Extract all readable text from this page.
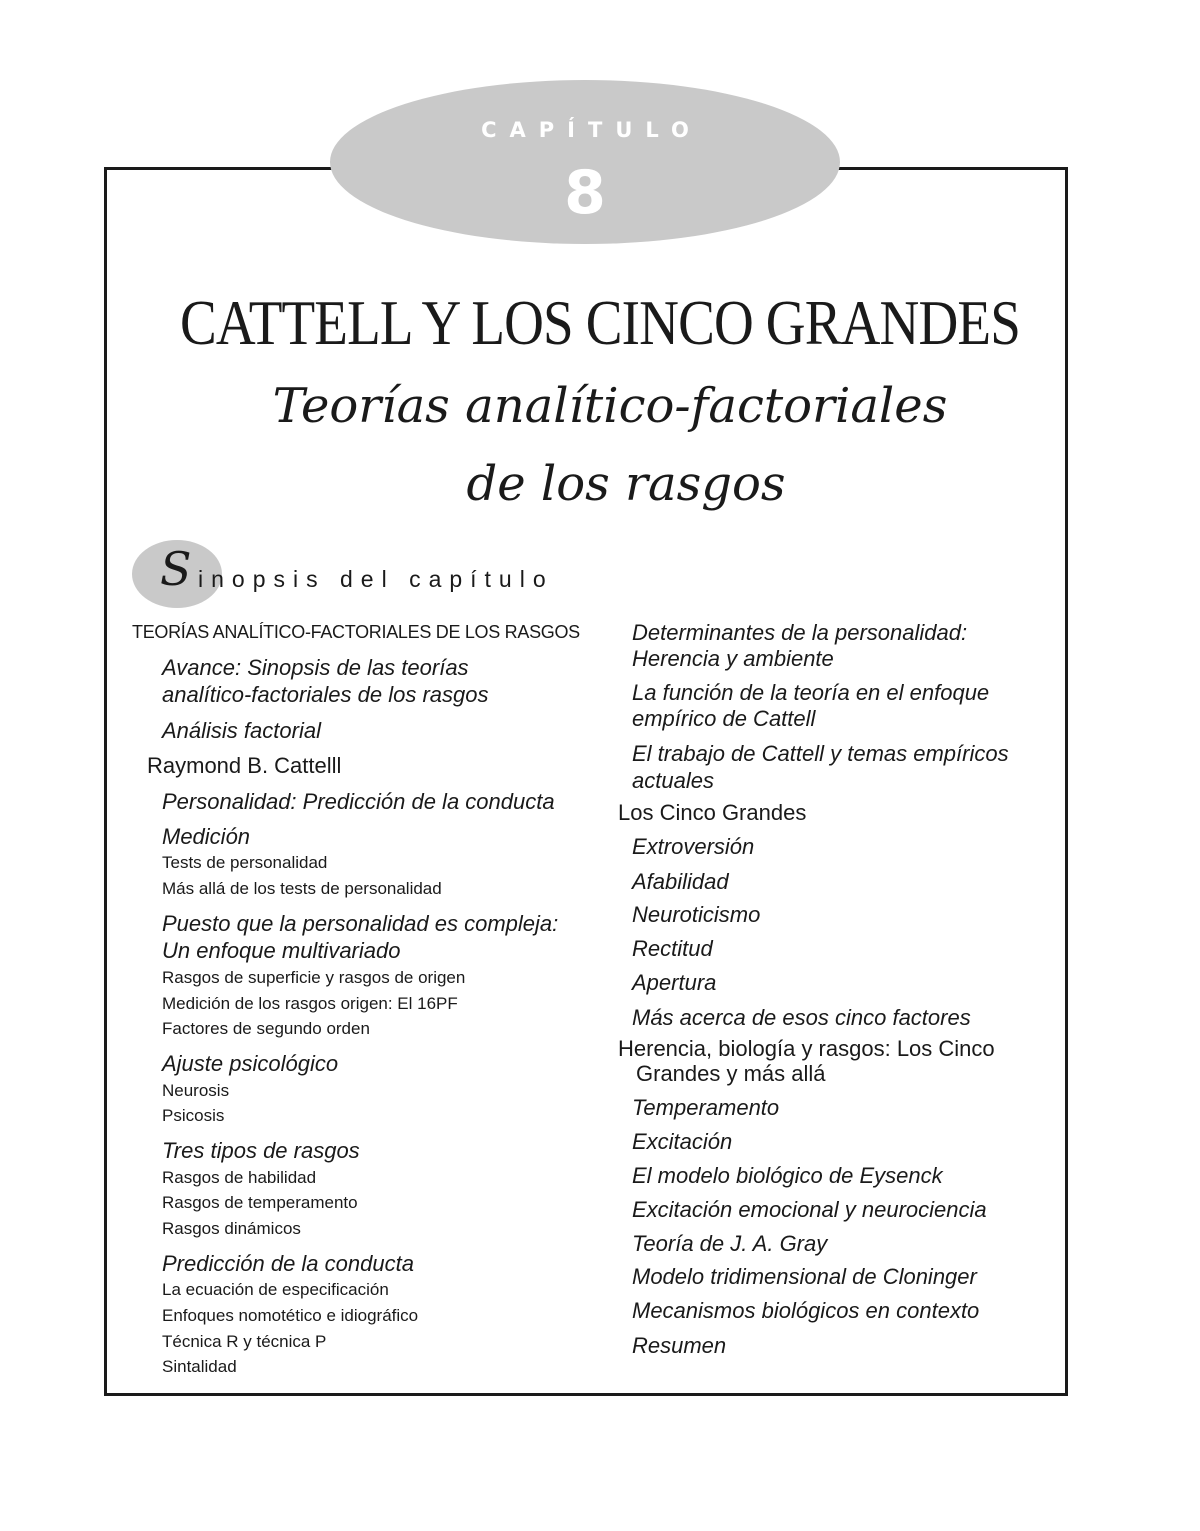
CAPÍTULO
8
CATTELL Y LOS CINCO GRANDES
Teorías analítico-factoriales
de los rasgos
S inopsis del capítulo
TEORÍAS ANALÍTICO-FACTORIALES DE LOS RASGOS
Avance: Sinopsis de las teorías
analítico-factoriales de los rasgos
Análisis factorial
Raymond B. Cattelll
Personalidad: Predicción de la conducta
Medición
Tests de personalidad
Más allá de los tests de personalidad
Puesto que la personalidad es compleja:
Un enfoque multivariado
Rasgos de superficie y rasgos de origen
Medición de los rasgos origen: El 16PF
Factores de segundo orden
Ajuste psicológico
Neurosis
Psicosis
Tres tipos de rasgos
Rasgos de habilidad
Rasgos de temperamento
Rasgos dinámicos
Predicción de la conducta
La ecuación de especificación
Enfoques nomotético e idiográfico
Técnica R y técnica P
Sintalidad
Determinantes de la personalidad:
Herencia y ambiente
La función de la teoría en el enfoque
empírico de Cattell
El trabajo de Cattell y temas empíricos
actuales
Los Cinco Grandes
Extroversión
Afabilidad
Neuroticismo
Rectitud
Apertura
Más acerca de esos cinco factores
Herencia, biología y rasgos: Los Cinco
Grandes y más allá
Temperamento
Excitación
El modelo biológico de Eysenck
Excitación emocional y neurociencia
Teoría de J. A. Gray
Modelo tridimensional de Cloninger
Mecanismos biológicos en contexto
Resumen
